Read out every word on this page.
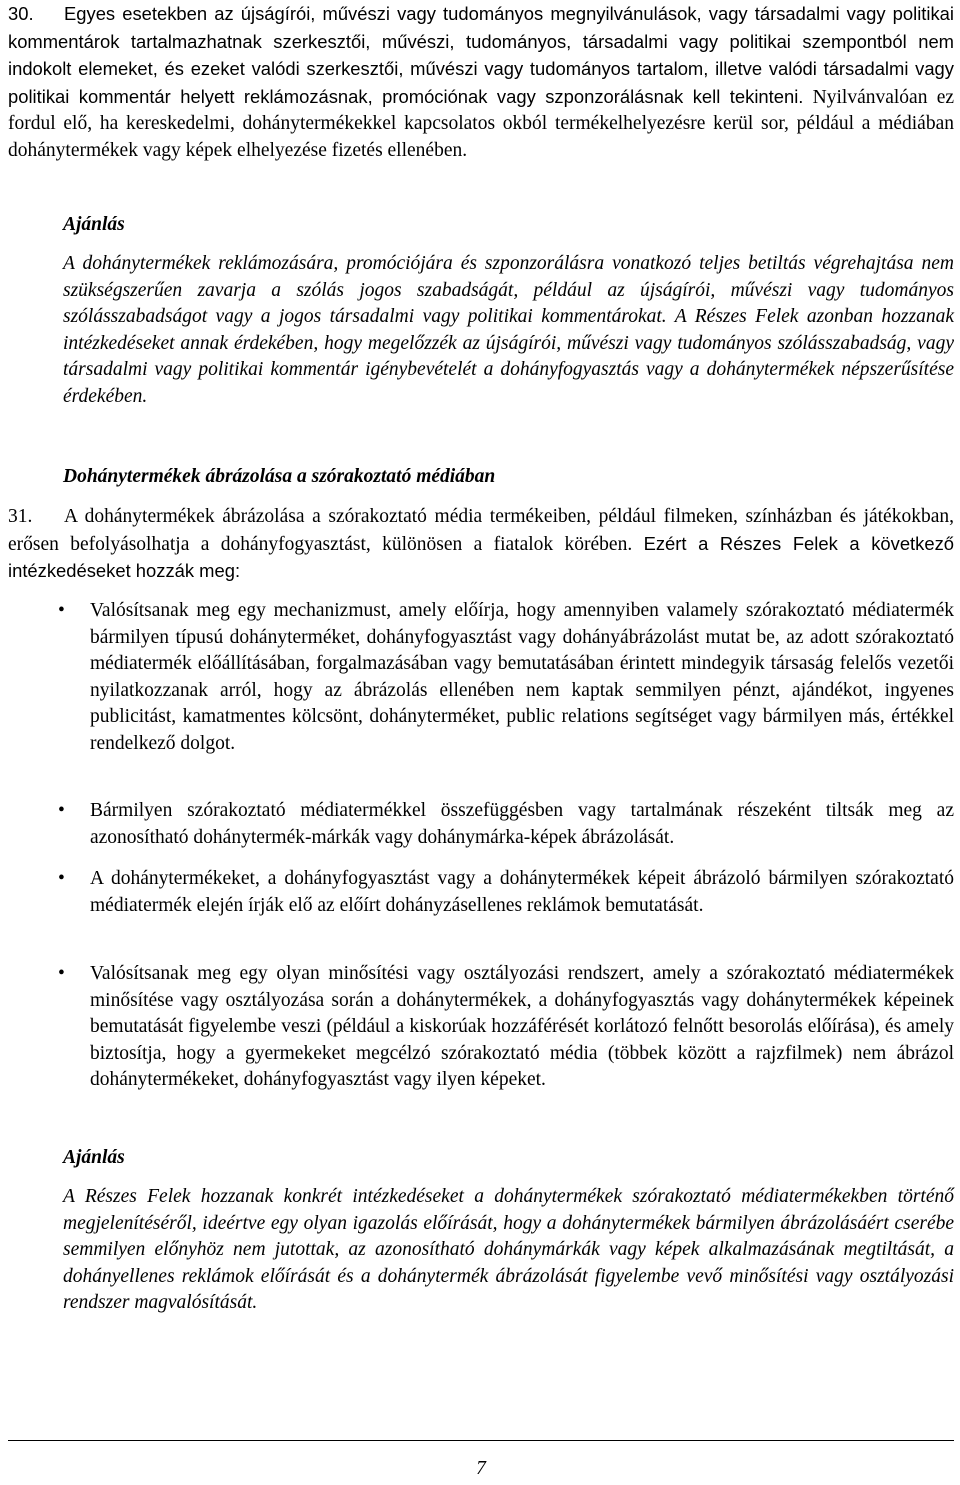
30. Egyes esetekben az újságírói, művészi vagy tudományos megnyilvánulások, vagy társadalmi vagy politikai kommentárok tartalmazhatnak szerkesztői, művészi, tudományos, társadalmi vagy politikai szempontból nem indokolt elemeket, és ezeket valódi szerkesztői, művészi vagy tudományos tartalom, illetve valódi társadalmi vagy politikai kommentár helyett reklámozásnak, promóciónak vagy szponzorálásnak kell tekinteni. Nyilvánvalóan ez fordul elő, ha kereskedelmi, dohánytermékekkel kapcsolatos okból termékelhelyezésre kerül sor, például a médiában dohánytermékek vagy képek elhelyezése fizetés ellenében.

Ajánlás

A dohánytermékek reklámozására, promóciójára és szponzorálásra vonatkozó teljes betiltás végrehajtása nem szükségszerűen zavarja a szólás jogos szabadságát, például az újságírói, művészi vagy tudományos szólásszabadságot vagy a jogos társadalmi vagy politikai kommentárokat. A Részes Felek azonban hozzanak intézkedéseket annak érdekében, hogy megelőzzék az újságírói, művészi vagy tudományos szólásszabadság, vagy társadalmi vagy politikai kommentár igénybevételét a dohányfogyasztás vagy a dohánytermékek népszerűsítése érdekében.

Dohánytermékek ábrázolása a szórakoztató médiában

31. A dohánytermékek ábrázolása a szórakoztató média termékeiben, például filmeken, színházban és játékokban, erősen befolyásolhatja a dohányfogyasztást, különösen a fiatalok körében. Ezért a Részes Felek a következő intézkedéseket hozzák meg:

• Valósítsanak meg egy mechanizmust, amely előírja, hogy amennyiben valamely szórakoztató médiatermék bármilyen típusú dohányterméket, dohányfogyasztást vagy dohányábrázolást mutat be, az adott szórakoztató médiatermék előállításában, forgalmazásában vagy bemutatásában érintett mindegyik társaság felelős vezetői nyilatkozzanak arról, hogy az ábrázolás ellenében nem kaptak semmilyen pénzt, ajándékot, ingyenes publicitást, kamatmentes kölcsönt, dohányterméket, public relations segítséget vagy bármilyen más, értékkel rendelkező dolgot.
• Bármilyen szórakoztató médiatermékkel összefüggésben vagy tartalmának részeként tiltsák meg az azonosítható dohánytermék-márkák vagy dohánymárka-képek ábrázolását.
• A dohánytermékeket, a dohányfogyasztást vagy a dohánytermékek képeit ábrázoló bármilyen szórakoztató médiatermék elején írják elő az előírt dohányzásellenes reklámok bemutatását.
• Valósítsanak meg egy olyan minősítési vagy osztályozási rendszert, amely a szórakoztató médiatermékek minősítése vagy osztályozása során a dohánytermékek, a dohányfogyasztás vagy dohánytermékek képeinek bemutatását figyelembe veszi (például a kiskorúak hozzáférését korlátozó felnőtt besorolás előírása), és amely biztosítja, hogy a gyermekeket megcélzó szórakoztató média (többek között a rajzfilmek) nem ábrázol dohánytermékeket, dohányfogyasztást vagy ilyen képeket.

Ajánlás

A Részes Felek hozzanak konkrét intézkedéseket a dohánytermékek szórakoztató médiatermékekben történő megjelenítéséről, ideértve egy olyan igazolás előírását, hogy a dohánytermékek bármilyen ábrázolásáért cserébe semmilyen előnyhöz nem jutottak, az azonosítható dohánymárkák vagy képek alkalmazásának megtiltását, a dohányellenes reklámok előírását és a dohánytermék ábrázolását figyelembe vevő minősítési vagy osztályozási rendszer magvalósítását.

7
